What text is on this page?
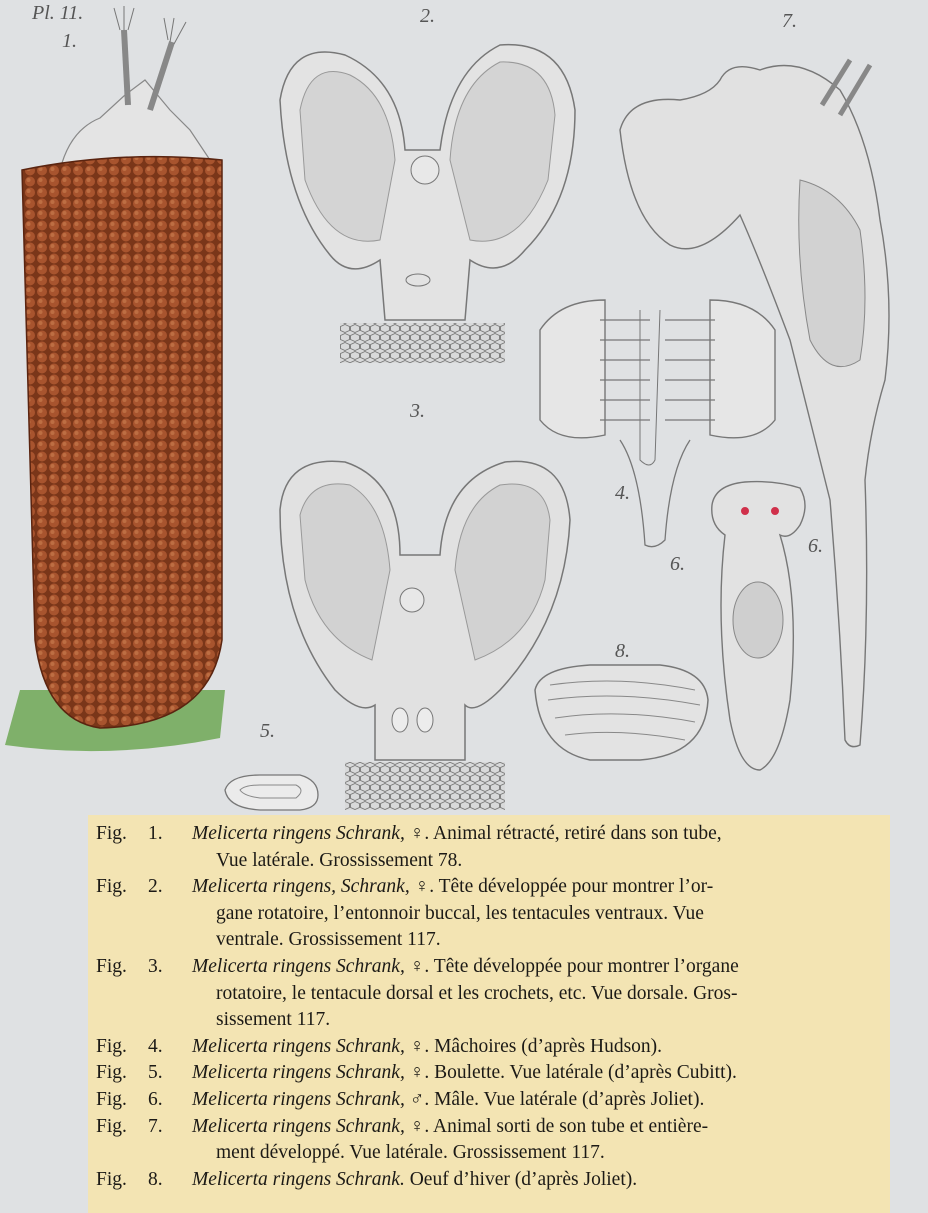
Pl. 11.
1.
2.
3.
4.
5.
6.
6.
7.
8.
Fig. 1.	Melicerta ringens Schrank, ♀. Animal rétracté, retiré dans son tube,
Vue latérale. Grossissement 78.
Fig. 2.	Melicerta ringens, Schrank, ♀. Tête développée pour montrer l’or-
gane rotatoire, l’entonnoir buccal, les tentacules ventraux. Vue
ventrale. Grossissement 117.
Fig. 3.	Melicerta ringens Schrank, ♀. Tête développée pour montrer l’organe
rotatoire, le tentacule dorsal et les crochets, etc. Vue dorsale. Gros-
sissement 117.
Fig. 4.	Melicerta ringens Schrank, ♀. Mâchoires (d’après Hudson).
Fig. 5.	Melicerta ringens Schrank, ♀. Boulette. Vue latérale (d’après Cubitt).
Fig. 6.	Melicerta ringens Schrank, ♂. Mâle. Vue latérale (d’après Joliet).
Fig. 7.	Melicerta ringens Schrank, ♀. Animal sorti de son tube et entière-
ment développé. Vue latérale. Grossissement 117.
Fig. 8.	Melicerta ringens Schrank. Oeuf d’hiver (d’après Joliet).
